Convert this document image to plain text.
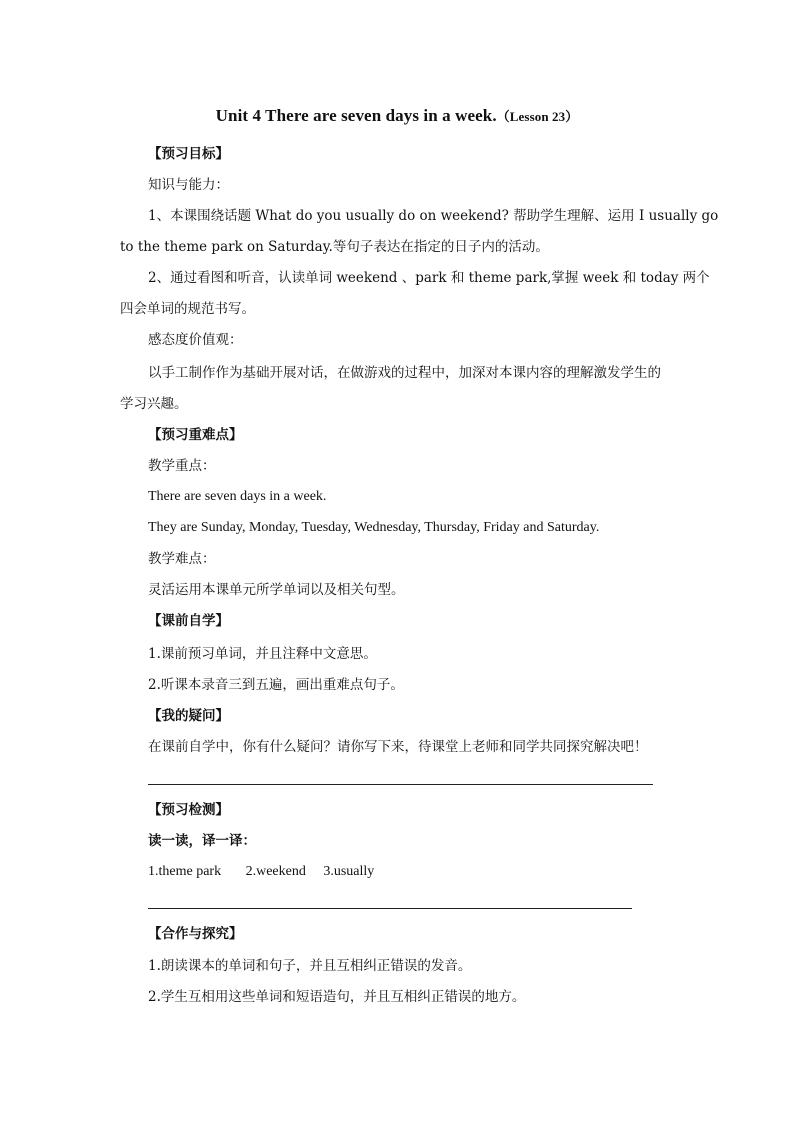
Unit 4 There are seven days in a week.（Lesson 23）
【预习目标】
知识与能力：
1、本课围绕话题 What do you usually do on weekend? 帮助学生理解、运用 I usually go
to the theme park on Saturday.等句子表达在指定的日子内的活动。
2、通过看图和听音，认读单词 weekend 、park 和 theme park,掌握 week 和 today 两个
四会单词的规范书写。
感态度价值观：
以手工制作作为基础开展对话，在做游戏的过程中，加深对本课内容的理解激发学生的
学习兴趣。
【预习重难点】
教学重点：
There are seven days in a week.
They are Sunday, Monday, Tuesday, Wednesday, Thursday, Friday and Saturday.
教学难点：
灵活运用本课单元所学单词以及相关句型。
【课前自学】
1.课前预习单词，并且注释中文意思。
2.听课本录音三到五遍，画出重难点句子。
【我的疑问】
在课前自学中，你有什么疑问？请你写下来，待课堂上老师和同学共同探究解决吧！
【预习检测】
读一读，译一译：
1.theme park       2.weekend     3.usually
【合作与探究】
1.朗读课本的单词和句子，并且互相纠正错误的发音。
2.学生互相用这些单词和短语造句，并且互相纠正错误的地方。
